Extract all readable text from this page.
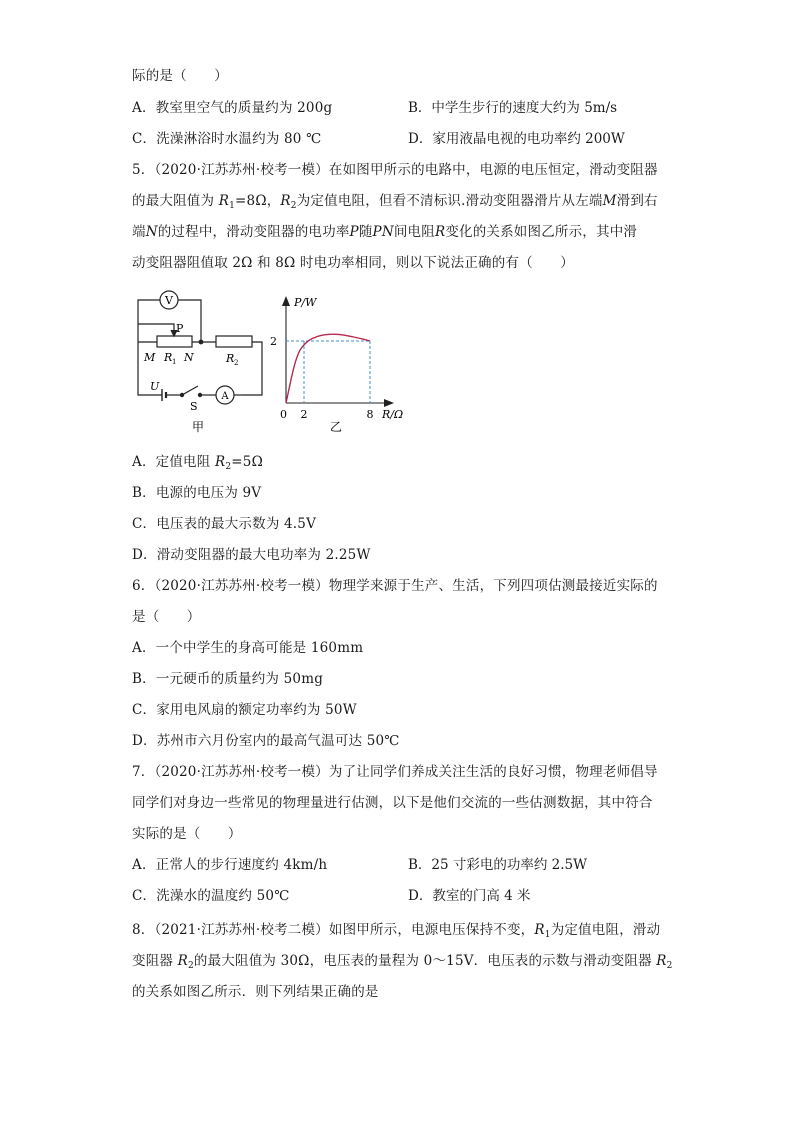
际的是（　　）
A．教室里空气的质量约为 200g	B．中学生步行的速度大约为 5m/s
C．洗澡淋浴时水温约为 80 ℃	D．家用液晶电视的电功率约 200W
5．（2020·江苏苏州·校考一模）在如图甲所示的电路中，电源的电压恒定，滑动变阻器
的最大阻值为 $R_1=8\Omega$，$R_2$为定值电阻，但看不清标识.滑动变阻器滑片从左端M滑到右
端N的过程中，滑动变阻器的电功率P随PN间电阻R变化的关系如图乙所示，其中滑
动变阻器阻值取 2Ω 和 8Ω 时电功率相同，则以下说法正确的有（　　）
V
P
M R 1 N	R 2
U
S
A
甲
P/W
0
2
2	8 R/Ω
乙
A．定值电阻 $R_2=5\Omega$
B．电源的电压为 9V
C．电压表的最大示数为 4.5V
D．滑动变阻器的最大电功率为 2.25W
6．（2020·江苏苏州·校考一模）物理学来源于生产、生活，下列四项估测最接近实际的
是（　　）
A．一个中学生的身高可能是 160mm
B．一元硬币的质量约为 50mg
C．家用电风扇的额定功率约为 50W
D．苏州市六月份室内的最高气温可达 50℃
7．（2020·江苏苏州·校考一模）为了让同学们养成关注生活的良好习惯，物理老师倡导
同学们对身边一些常见的物理量进行估测，以下是他们交流的一些估测数据，其中符合
实际的是（　　）
A．正常人的步行速度约 4km/h	B．25 寸彩电的功率约 2.5W
C．洗澡水的温度约 50℃	D．教室的门高 4 米
8．（2021·江苏苏州·校考二模）如图甲所示，电源电压保持不变，$R_1$为定值电阻，滑动
变阻器 $R_2$的最大阻值为 30Ω，电压表的量程为 0～15V．电压表的示数与滑动变阻器 $R_2$
的关系如图乙所示．则下列结果正确的是
